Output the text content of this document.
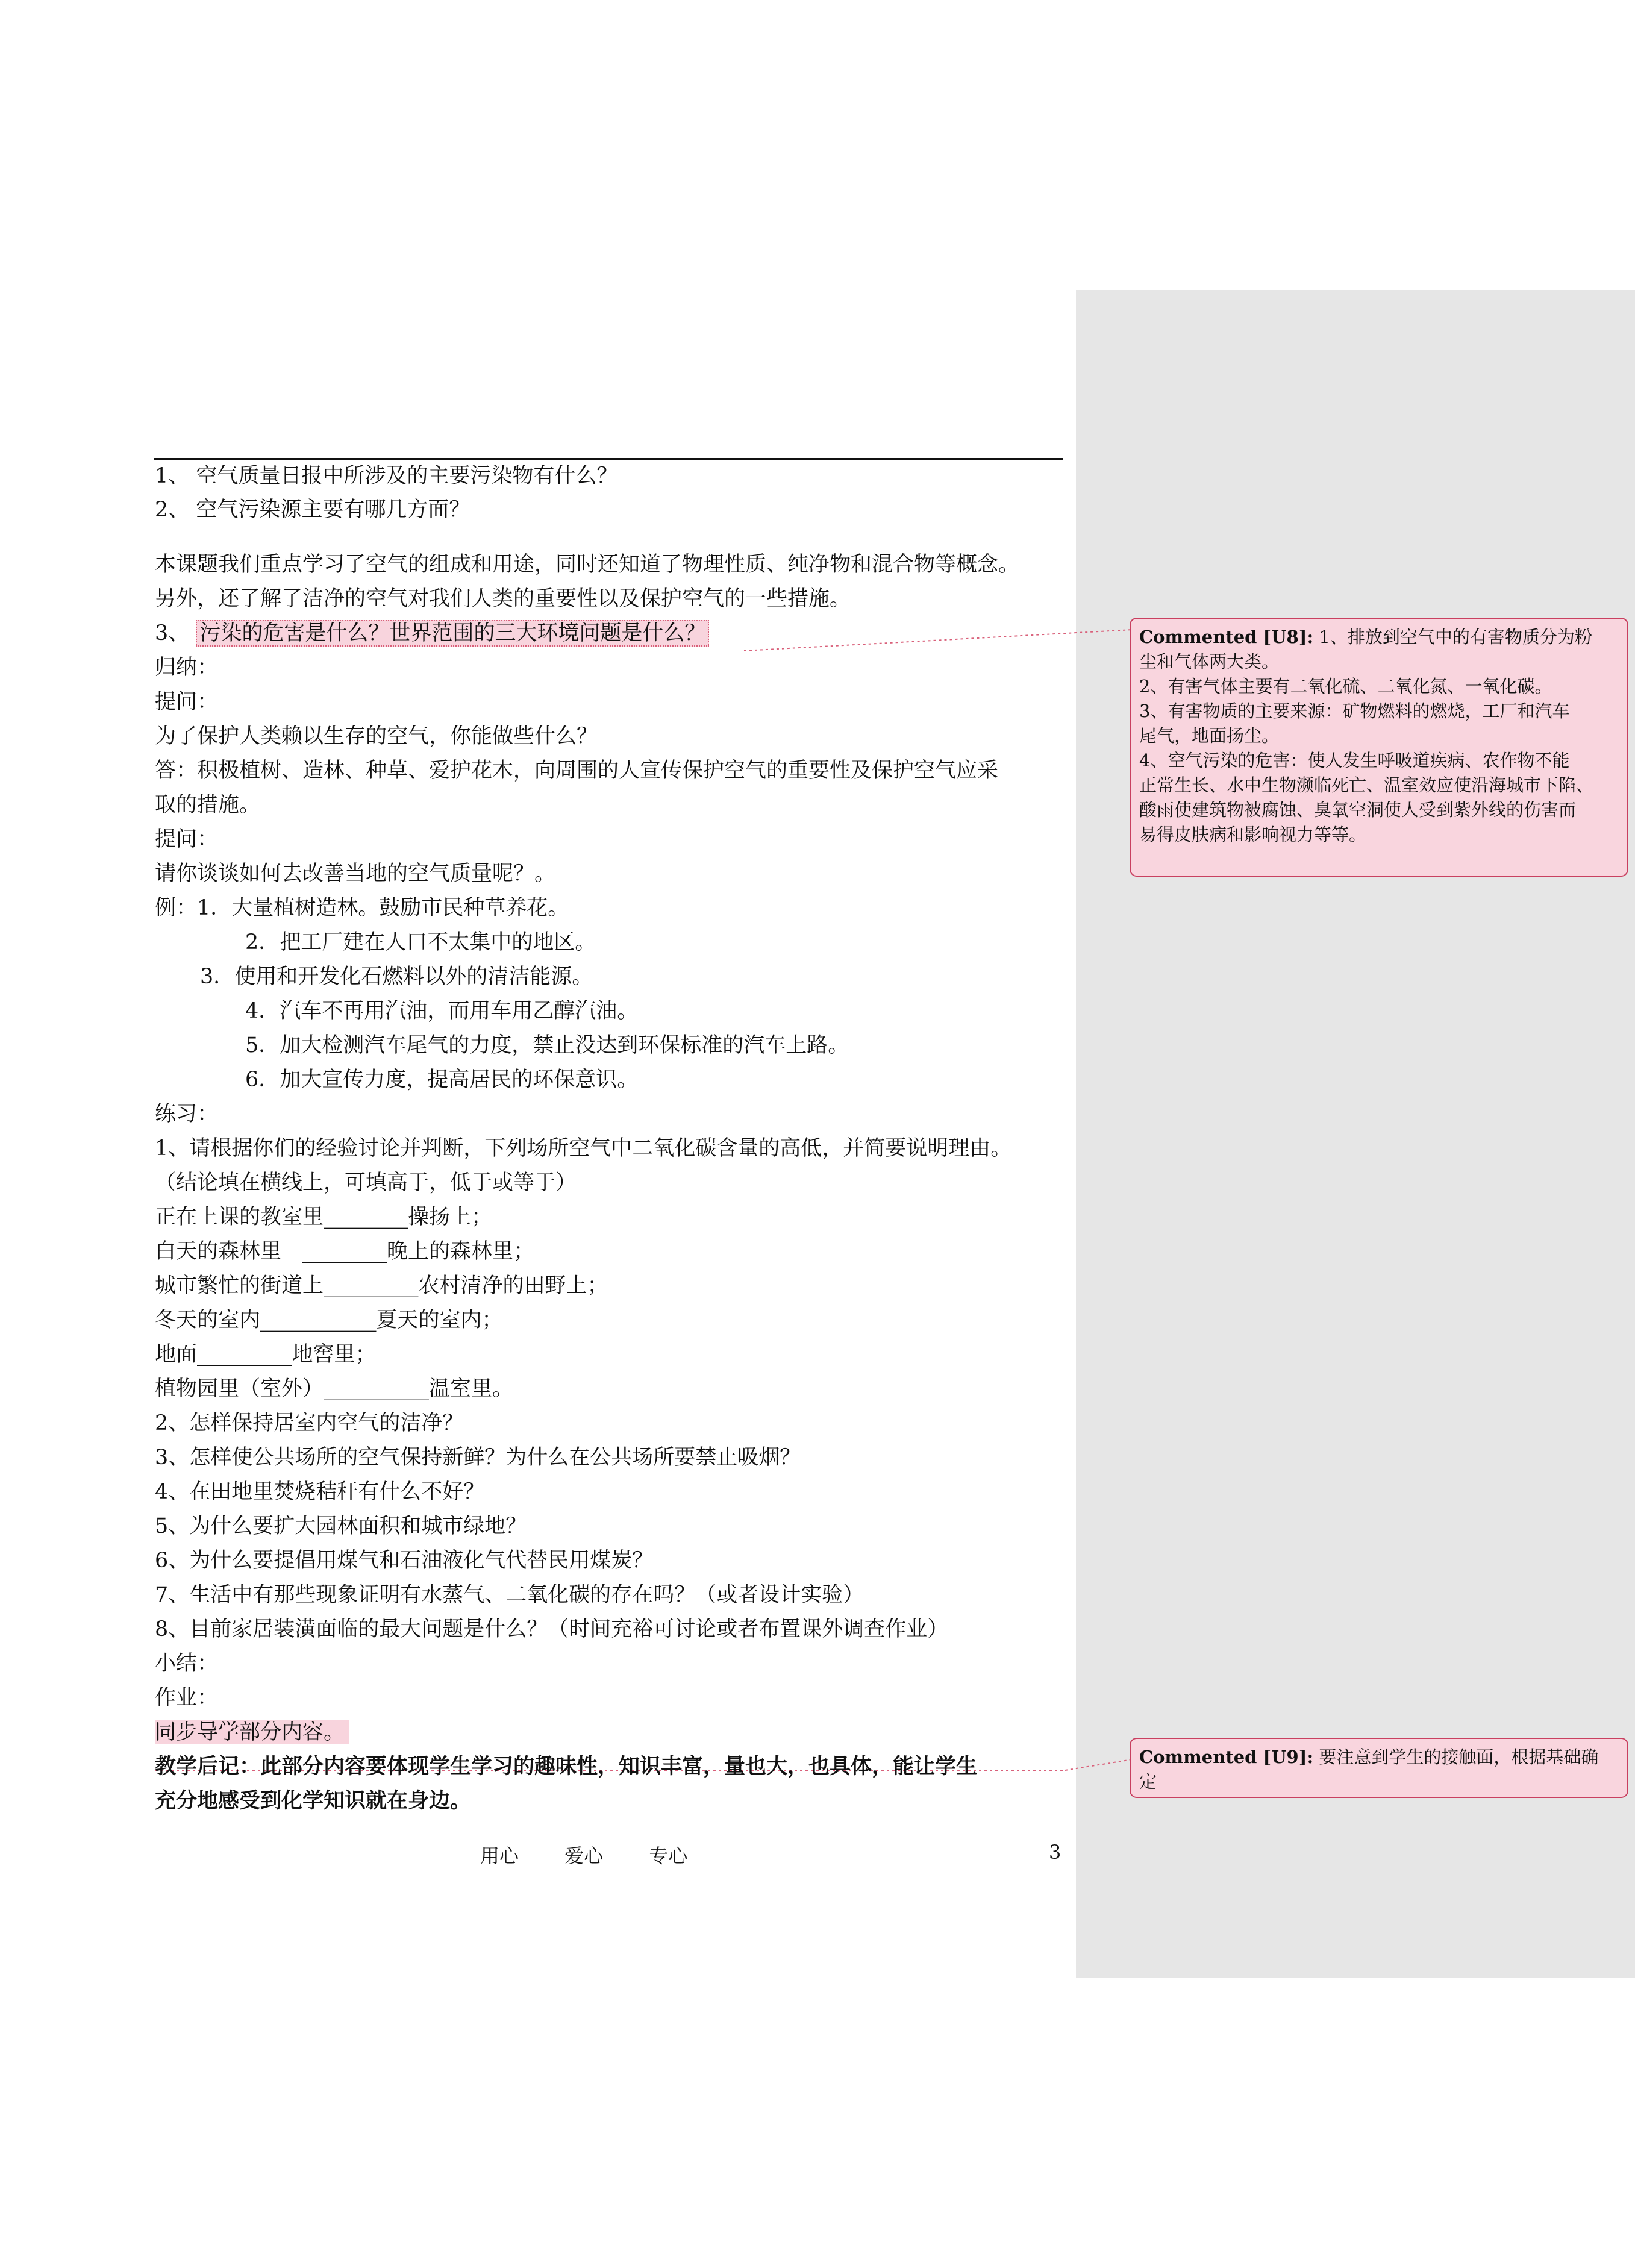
1、 空气质量日报中所涉及的主要污染物有什么？
2、 空气污染源主要有哪几方面？
本课题我们重点学习了空气的组成和用途，同时还知道了物理性质、纯净物和混合物等概念。
另外，还了解了洁净的空气对我们人类的重要性以及保护空气的一些措施。
3、 污染的危害是什么？世界范围的三大环境问题是什么？
归纳：
提问：
为了保护人类赖以生存的空气，你能做些什么？
答：积极植树、造林、种草、爱护花木，向周围的人宣传保护空气的重要性及保护空气应采
取的措施。
提问：
请你谈谈如何去改善当地的空气质量呢？。
例：1．大量植树造林。鼓励市民种草养花。
2．把工厂建在人口不太集中的地区。
3．使用和开发化石燃料以外的清洁能源。
4．汽车不再用汽油，而用车用乙醇汽油。
5．加大检测汽车尾气的力度，禁止没达到环保标准的汽车上路。
6．加大宣传力度，提高居民的环保意识。
练习：
1、请根据你们的经验讨论并判断，下列场所空气中二氧化碳含量的高低，并简要说明理由。
（结论填在横线上，可填高于，低于或等于）
正在上课的教室里________操扬上；
白天的森林里　________晚上的森林里；
城市繁忙的街道上_________农村清净的田野上；
冬天的室内___________夏天的室内；
地面_________地窖里；
植物园里（室外）__________温室里。
2、怎样保持居室内空气的洁净？
3、怎样使公共场所的空气保持新鲜？为什么在公共场所要禁止吸烟？
4、在田地里焚烧秸秆有什么不好？
5、为什么要扩大园林面积和城市绿地？
6、为什么要提倡用煤气和石油液化气代替民用煤炭？
7、生活中有那些现象证明有水蒸气、二氧化碳的存在吗？（或者设计实验）
8、目前家居装潢面临的最大问题是什么？（时间充裕可讨论或者布置课外调查作业）
小结：
作业：
同步导学部分内容。
教学后记：此部分内容要体现学生学习的趣味性，知识丰富，量也大，也具体，能让学生
充分地感受到化学知识就在身边。

Commented [U8]: 1、排放到空气中的有害物质分为粉

尘和气体两大类。

2、有害气体主要有二氧化硫、二氧化氮、一氧化碳。

3、有害物质的主要来源：矿物燃料的燃烧，工厂和汽车

尾气，地面扬尘。

4、空气污染的危害：使人发生呼吸道疾病、农作物不能

正常生长、水中生物濒临死亡、温室效应使沿海城市下陷、

酸雨使建筑物被腐蚀、臭氧空洞使人受到紫外线的伤害而

易得皮肤病和影响视力等等。

Commented [U9]: 要注意到学生的接触面，根据基础确

定

用心 爱心 专心	3
